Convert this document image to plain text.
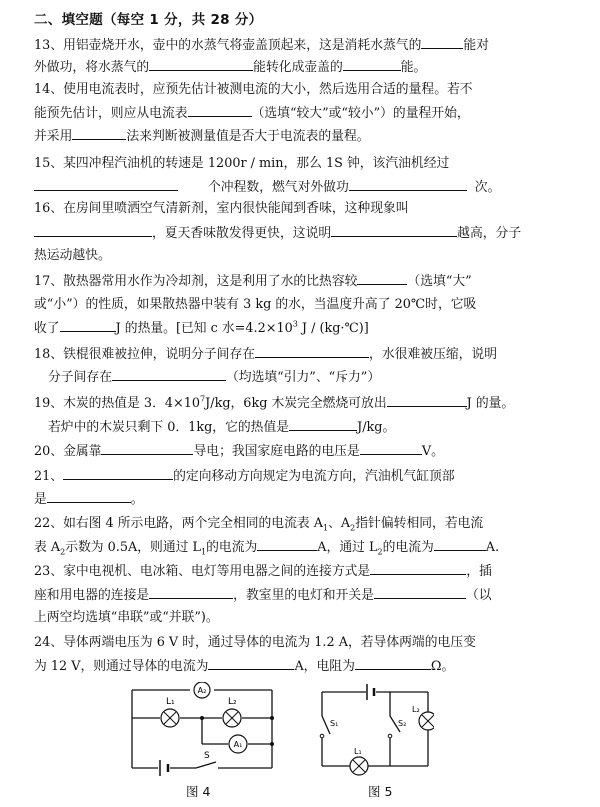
二、填空题（每空 1 分，共 28 分）
13、用铝壶烧开水，壶中的水蒸气将壶盖顶起来，这是消耗水蒸气的	能对
外做功，将水蒸气的	能转化成壶盖的	能。
14、使用电流表时，应预先估计被测电流的大小，然后选用合适的量程。若不
能预先估计，则应从电流表	（选填“较大”或“较小”）的量程开始，
并采用	法来判断被测量值是否大于电流表的量程。
15、某四冲程汽油机的转速是 1200r / min，那么 1S 钟，该汽油机经过
个冲程数，燃气对外做功	次。
16、在房间里喷洒空气清新剂，室内很快能闻到香味，这种现象叫
，夏天香味散发得更快，这说明	越高，分子
热运动越快。
17、散热器常用水作为冷却剂，这是利用了水的比热容较	（选填“大”
或“小”）的性质，如果散热器中装有 3 kg 的水，当温度升高了 20℃时，它吸
收了	J 的热量。[已知 c 水$=4.2\times 10^3$ J / (kg·℃)]
18、铁棍很难被拉伸，说明分子间存在	，水很难被压缩，说明
分子间存在	（均选填“引力”、“斥力”）
19、木炭的热值是 3．$4\times 10^7J/kg$，6kg 木炭完全燃烧可放出	J 的量。
若炉中的木炭只剩下 0．1kg，它的热值是	J/kg。
20、金属靠	导电；我国家庭电路的电压是	V。
21、	的定向移动方向规定为电流方向，汽油机气缸顶部
是	。
22、如右图 4 所示电路，两个完全相同的电流表 $A_1$、$A_2$指针偏转相同，若电流
表 $A_2$示数为 0.5A，则通过 $L_1$的电流为	A，通过 $L_2$的电流为	A.
23、家中电视机、电冰箱、电灯等用电器之间的连接方式是	，插
座和用电器的连接是	，教室里的电灯和开关是	（以
上两空均选填“串联”或“并联”)。
24、导体两端电压为 6 V 时，通过导体的电流为 1.2 A，若导体两端的电压变
为 12 V，则通过导体的电流为	A，电阻为	Ω。
A₂
L₁	L₂
A₁
S
图 4
S₁	S₂
L₁
L₂
图 5
